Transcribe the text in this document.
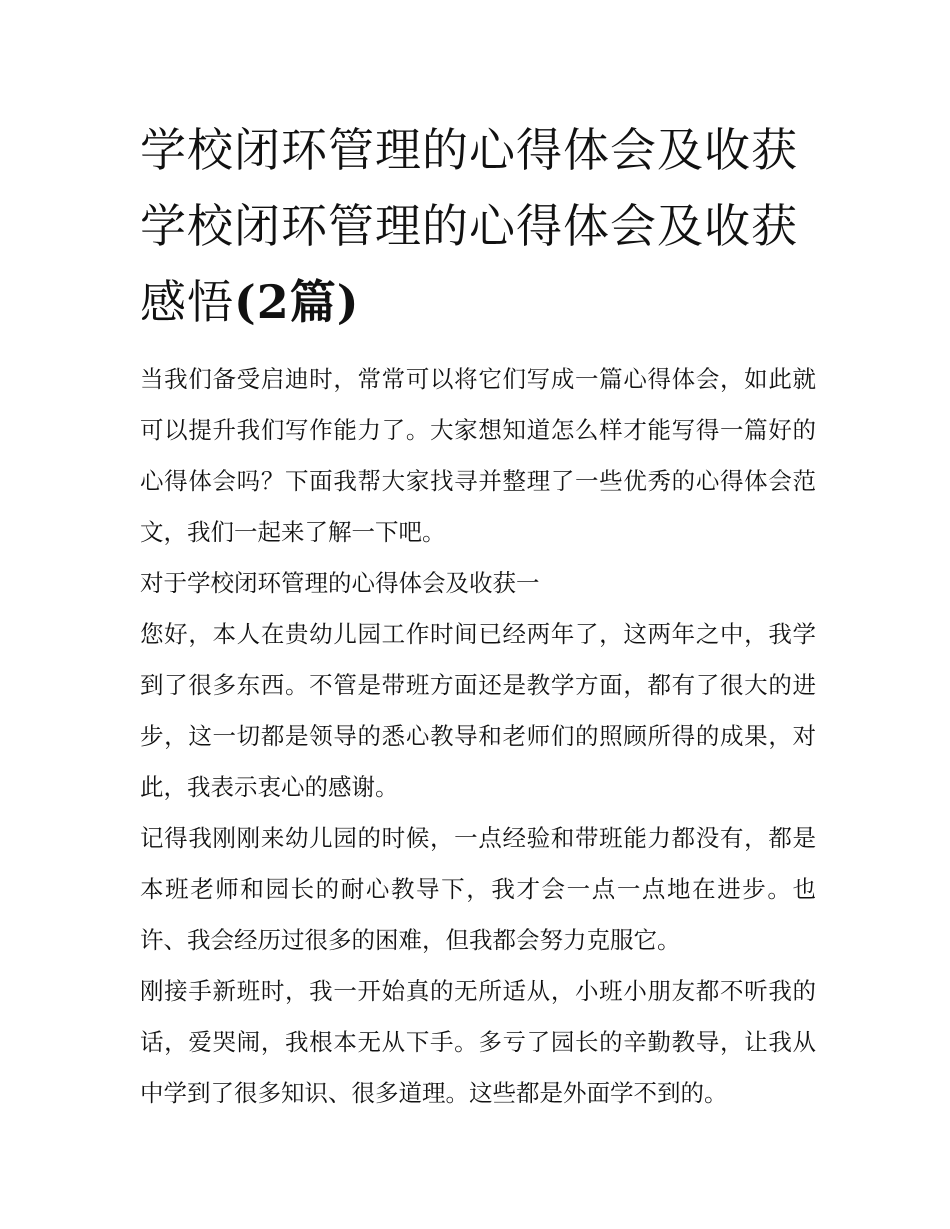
学校闭环管理的心得体会及收获 学校闭环管理的心得体会及收获感悟(2篇)

当我们备受启迪时，常常可以将它们写成一篇心得体会，如此就可以提升我们写作能力了。大家想知道怎么样才能写得一篇好的心得体会吗？下面我帮大家找寻并整理了一些优秀的心得体会范文，我们一起来了解一下吧。

对于学校闭环管理的心得体会及收获一

您好，本人在贵幼儿园工作时间已经两年了，这两年之中，我学到了很多东西。不管是带班方面还是教学方面，都有了很大的进步，这一切都是领导的悉心教导和老师们的照顾所得的成果，对此，我表示衷心的感谢。

记得我刚刚来幼儿园的时候，一点经验和带班能力都没有，都是本班老师和园长的耐心教导下，我才会一点一点地在进步。也许、我会经历过很多的困难，但我都会努力克服它。

刚接手新班时，我一开始真的无所适从，小班小朋友都不听我的话，爱哭闹，我根本无从下手。多亏了园长的辛勤教导，让我从中学到了很多知识、很多道理。这些都是外面学不到的。
